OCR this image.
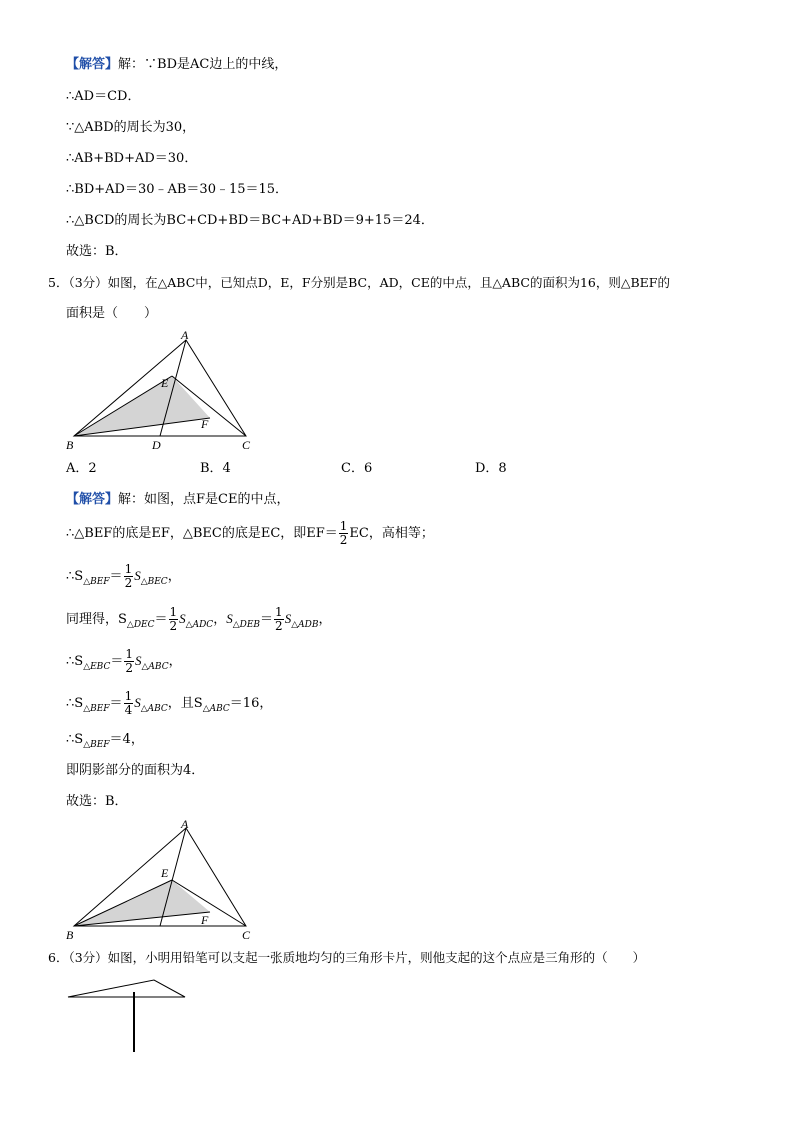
【解答】解：∵BD是AC边上的中线，
∴AD＝CD．
∵△ABD的周长为30，
∴AB+BD+AD＝30．
∴BD+AD＝30﹣AB＝30﹣15＝15．
∴△BCD的周长为BC+CD+BD＝BC+AD+BD＝9+15＝24．
故选：B．
5．（3分）如图，在△ABC中，已知点D，E，F分别是BC，AD，CE的中点，且△ABC的面积为16，则△BEF的
面积是（　　）
A
B	C
D
E
F
A．2	B．4	C．6	D．8
【解答】解：如图，点F是CE的中点，
∴△BEF的底是EF，△BEC的底是EC，即$EF= \frac{1}{2}$ EC，高相等；
$\therefore S_{\triangle BEF}= \frac{1}{2} S_{\triangle BEC}$，
同理得，$S_{\triangle DEC}= \frac{1}{2} S_{\triangle ADC}$，$S_{\triangle DEB}= \frac{1}{2} S_{\triangle ADB}$，
$\therefore S_{\triangle EBC}= \frac{1}{2} S_{\triangle ABC}$，
$\therefore S_{\triangle BEF}= \frac{1}{4} S_{\triangle ABC}$，且$S_{\triangle ABC}=16$，
$\therefore S_{\triangle BEF}=4$，
即阴影部分的面积为4．
故选：B．
A
B	C
E
F
6．（3分）如图，小明用铅笔可以支起一张质地均匀的三角形卡片，则他支起的这个点应是三角形的（　　）
